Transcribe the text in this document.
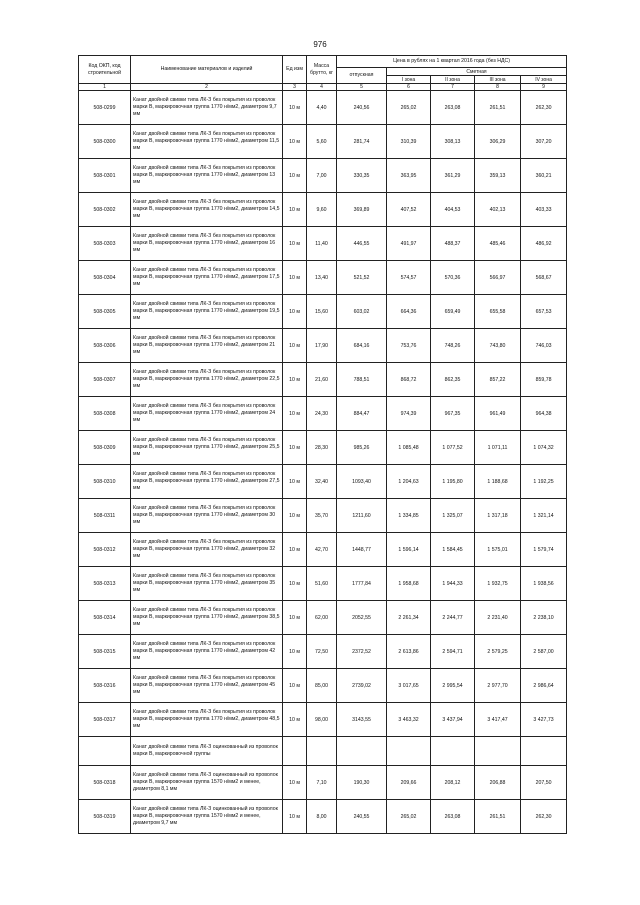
976
Код ОКП, код строительной	Наименование материалов и изделий	Ед изм	Масса брутто, кг	Цена в рублях на 1 квартал 2016 года (без НДС)				
				отпускная	Сметная			
					I зона	II зона	III зона	IV зона
1	2	3	4	5	6	7	8	9
508-0299	Канат двойной свивки типа ЛК-З без покрытия из проволок марки В, маркировочная группа 1770 н/мм2, диаметром 9,7 мм	10 м	4,40	240,56	265,02	263,08	261,51	262,30
508-0300	Канат двойной свивки типа ЛК-З без покрытия из проволок марки В, маркировочная группа 1770 н/мм2, диаметром 11,5 мм	10 м	5,60	281,74	310,39	308,13	306,29	307,20
508-0301	Канат двойной свивки типа ЛК-З без покрытия из проволок марки В, маркировочная группа 1770 н/мм2, диаметром 13 мм	10 м	7,00	330,35	363,95	361,29	359,13	360,21
508-0302	Канат двойной свивки типа ЛК-З без покрытия из проволок марки В, маркировочная группа 1770 н/мм2, диаметром 14,5 мм	10 м	9,60	369,89	407,52	404,53	402,13	403,33
508-0303	Канат двойной свивки типа ЛК-З без покрытия из проволок марки В, маркировочная группа 1770 н/мм2, диаметром 16 мм	10 м	11,40	446,55	491,97	488,37	485,46	486,92
508-0304	Канат двойной свивки типа ЛК-З без покрытия из проволок марки В, маркировочная группа 1770 н/мм2, диаметром 17,5 мм	10 м	13,40	521,52	574,57	570,36	566,97	568,67
508-0305	Канат двойной свивки типа ЛК-З без покрытия из проволок марки В, маркировочная группа 1770 н/мм2, диаметром 19,5 мм	10 м	15,60	603,02	664,36	659,49	655,58	657,53
508-0306	Канат двойной свивки типа ЛК-З без покрытия из проволок марки В, маркировочная группа 1770 н/мм2, диаметром 21 мм	10 м	17,90	684,16	753,76	748,26	743,80	746,03
508-0307	Канат двойной свивки типа ЛК-З без покрытия из проволок марки В, маркировочная группа 1770 н/мм2, диаметром 22,5 мм	10 м	21,60	788,51	868,72	862,35	857,22	859,78
508-0308	Канат двойной свивки типа ЛК-З без покрытия из проволок марки В, маркировочная группа 1770 н/мм2, диаметром 24 мм	10 м	24,30	884,47	974,39	967,35	961,49	964,38
508-0309	Канат двойной свивки типа ЛК-З без покрытия из проволок марки В, маркировочная группа 1770 н/мм2, диаметром 25,5 мм	10 м	28,30	985,26	1 085,48	1 077,52	1 071,11	1 074,32
508-0310	Канат двойной свивки типа ЛК-З без покрытия из проволок марки В, маркировочная группа 1770 н/мм2, диаметром 27,5 мм	10 м	32,40	1093,40	1 204,63	1 195,80	1 188,68	1 192,25
508-0311	Канат двойной свивки типа ЛК-З без покрытия из проволок марки В, маркировочная группа 1770 н/мм2, диаметром 30 мм	10 м	35,70	1211,60	1 334,85	1 325,07	1 317,18	1 321,14
508-0312	Канат двойной свивки типа ЛК-З без покрытия из проволок марки В, маркировочная группа 1770 н/мм2, диаметром 32 мм	10 м	42,70	1448,77	1 596,14	1 584,45	1 575,01	1 579,74
508-0313	Канат двойной свивки типа ЛК-З без покрытия из проволок марки В, маркировочная группа 1770 н/мм2, диаметром 35 мм	10 м	51,60	1777,84	1 958,68	1 944,33	1 932,75	1 938,56
508-0314	Канат двойной свивки типа ЛК-З без покрытия из проволок марки В, маркировочная группа 1770 н/мм2, диаметром 38,5 мм	10 м	62,00	2052,55	2 261,34	2 244,77	2 231,40	2 238,10
508-0315	Канат двойной свивки типа ЛК-З без покрытия из проволок марки В, маркировочная группа 1770 н/мм2, диаметром 42 мм	10 м	72,50	2372,52	2 613,86	2 594,71	2 579,25	2 587,00
508-0316	Канат двойной свивки типа ЛК-З без покрытия из проволок марки В, маркировочная группа 1770 н/мм2, диаметром 45 мм	10 м	85,00	2739,02	3 017,65	2 995,54	2 977,70	2 986,64
508-0317	Канат двойной свивки типа ЛК-З без покрытия из проволок марки В, маркировочная группа 1770 н/мм2, диаметром 48,5 мм	10 м	98,00	3143,55	3 463,32	3 437,94	3 417,47	3 427,73
	Канат двойной свивки типа ЛК-З оцинкованный из проволок марки В, маркировочной группы							
508-0318	Канат двойной свивки типа ЛК-З оцинкованный из проволок марки В, маркировочная группа 1570 н/мм2 и менее, диаметром 8,1 мм	10 м	7,10	190,30	209,66	208,12	206,88	207,50
508-0319	Канат двойной свивки типа ЛК-З оцинкованный из проволок марки В, маркировочная группа 1570 н/мм2 и менее, диаметром 9,7 мм	10 м	8,00	240,55	265,02	263,08	261,51	262,30
